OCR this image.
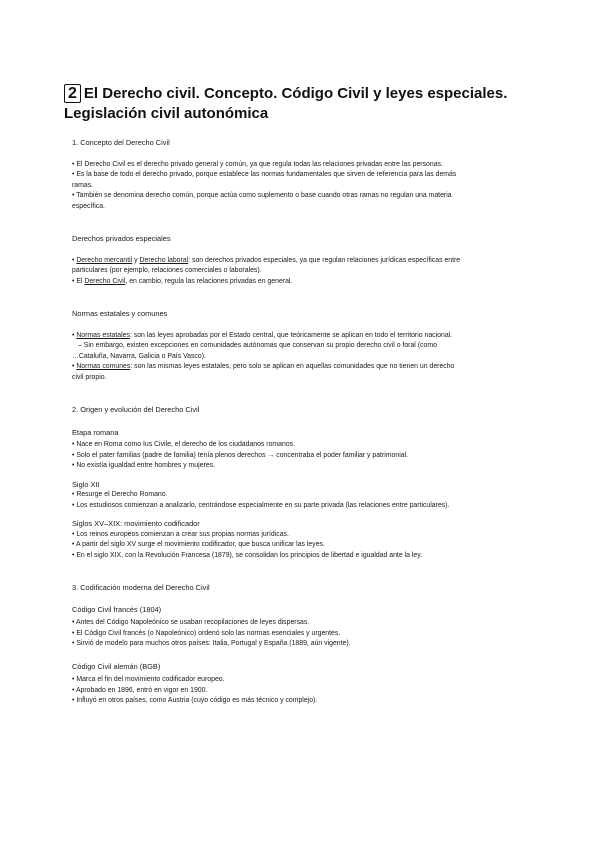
2 El Derecho civil. Concepto. Código Civil y leyes especiales.
Legislación civil autonómica

1. Concepto del Derecho Civil

• El Derecho Civil es el derecho privado general y común, ya que regula todas las relaciones privadas entre las personas.

• Es la base de todo el derecho privado, porque establece las normas fundamentales que sirven de referencia para las demás

ramas.

• También se denomina derecho común, porque actúa como suplemento o base cuando otras ramas no regulan una materia

específica.

Derechos privados especiales

• Derecho mercantil y Derecho laboral: son derechos privados especiales, ya que regulan relaciones jurídicas específicas entre

particulares (por ejemplo, relaciones comerciales o laborales).

• El Derecho Civil, en cambio, regula las relaciones privadas en general.

Normas estatales y comunes

• Normas estatales: son las leyes aprobadas por el Estado central, que teóricamente se aplican en todo el territorio nacional.

– Sin embargo, existen excepciones en comunidades autónomas que conservan su propio derecho civil o foral (como

…Cataluña, Navarra, Galicia o País Vasco).

• Normas comunes: son las mismas leyes estatales, pero solo se aplican en aquellas comunidades que no tienen un derecho

civil propio.

2. Origen y evolución del Derecho Civil

Etapa romana

• Nace en Roma como Ius Civile, el derecho de los ciudadanos romanos.

• Solo el pater familias (padre de familia) tenía plenos derechos → concentraba el poder familiar y patrimonial.

• No existía igualdad entre hombres y mujeres.

Siglo XII

• Resurge el Derecho Romano.

• Los estudiosos comienzan a analizarlo, centrándose especialmente en su parte privada (las relaciones entre particulares).

Siglos XV–XIX: movimiento codificador

• Los reinos europeos comienzan a crear sus propias normas jurídicas.

• A partir del siglo XV surge el movimiento codificador, que busca unificar las leyes.

• En el siglo XIX, con la Revolución Francesa (1879), se consolidan los principios de libertad e igualdad ante la ley.

3. Codificación moderna del Derecho Civil

Código Civil francés (1804)

• Antes del Código Napoleónico se usaban recopilaciones de leyes dispersas.

• El Código Civil francés (o Napoleónico) ordenó solo las normas esenciales y urgentes.

• Sirvió de modelo para muchos otros países: Italia, Portugal y España (1889, aún vigente).

Código Civil alemán (BGB)

• Marca el fin del movimiento codificador europeo.

• Aprobado en 1896, entró en vigor en 1900.

• Influyó en otros países, como Austria (cuyo código es más técnico y complejo).
